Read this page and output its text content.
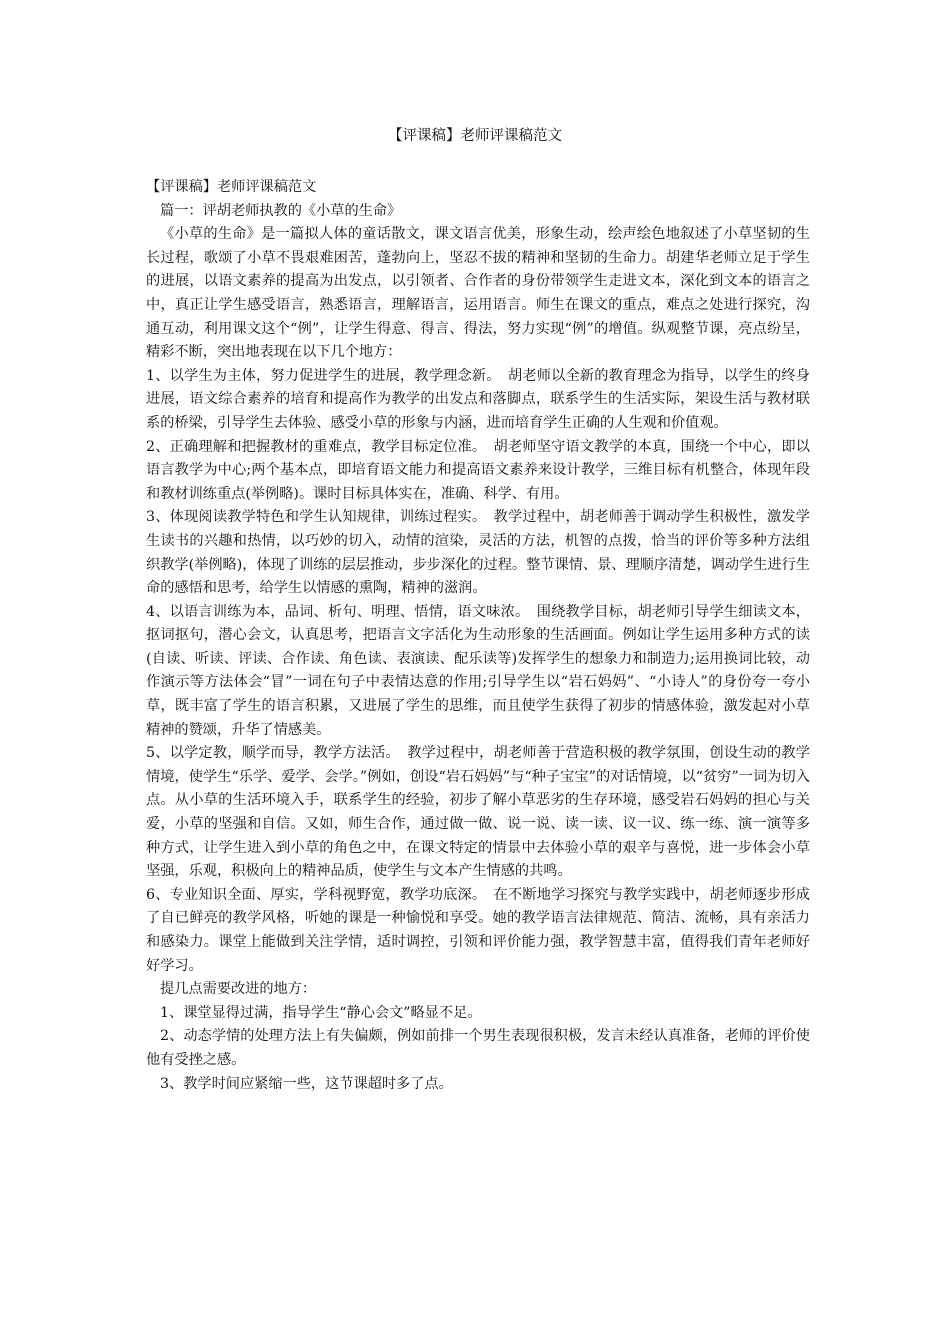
【评课稿】老师评课稿范文

【评课稿】老师评课稿范文

篇一：评胡老师执教的《小草的生命》

《小草的生命》是一篇拟人体的童话散文，课文语言优美，形象生动，绘声绘色地叙述了小草坚韧的生长过程，歌颂了小草不畏艰难困苦，蓬勃向上，坚忍不拔的精神和坚韧的生命力。胡建华老师立足于学生的进展，以语文素养的提高为出发点，以引领者、合作者的身份带领学生走进文本，深化到文本的语言之中，真正让学生感受语言，熟悉语言，理解语言，运用语言。师生在课文的重点，难点之处进行探究，沟通互动，利用课文这个“例”，让学生得意、得言、得法，努力实现“例”的增值。纵观整节课，亮点纷呈，精彩不断，突出地表现在以下几个地方：

1、以学生为主体，努力促进学生的进展，教学理念新。　胡老师以全新的教育理念为指导，以学生的终身进展，语文综合素养的培育和提高作为教学的出发点和落脚点，联系学生的生活实际，架设生活与教材联系的桥梁，引导学生去体验、感受小草的形象与内涵，进而培育学生正确的人生观和价值观。

2、正确理解和把握教材的重难点，教学目标定位准。　胡老师坚守语文教学的本真，围绕一个中心，即以语言教学为中心;两个基本点，即培育语文能力和提高语文素养来设计教学，三维目标有机整合，体现年段和教材训练重点(举例略)。课时目标具体实在，准确、科学、有用。

3、体现阅读教学特色和学生认知规律，训练过程实。　教学过程中，胡老师善于调动学生积极性，激发学生读书的兴趣和热情，以巧妙的切入，动情的渲染，灵活的方法，机智的点拨，恰当的评价等多种方法组织教学(举例略)，体现了训练的层层推动，步步深化的过程。整节课情、景、理顺序清楚，调动学生进行生命的感悟和思考，给学生以情感的熏陶，精神的滋润。

4、以语言训练为本，品词、析句、明理、悟情，语文味浓。　围绕教学目标，胡老师引导学生细读文本，抠词抠句，潜心会文，认真思考，把语言文字活化为生动形象的生活画面。例如让学生运用多种方式的读(自读、听读、评读、合作读、角色读、表演读、配乐读等)发挥学生的想象力和制造力;运用换词比较，动作演示等方法体会“冒”一词在句子中表情达意的作用;引导学生以“岩石妈妈”、“小诗人”的身份夸一夸小草，既丰富了学生的语言积累，又进展了学生的思维，而且使学生获得了初步的情感体验，激发起对小草精神的赞颂，升华了情感美。

5、以学定教，顺学而导，教学方法活。　教学过程中，胡老师善于营造积极的教学氛围，创设生动的教学情境，使学生“乐学、爱学、会学。”例如，创设“岩石妈妈”与“种子宝宝”的对话情境，以“贫穷”一词为切入点。从小草的生活环境入手，联系学生的经验，初步了解小草恶劣的生存环境，感受岩石妈妈的担心与关爱，小草的坚强和自信。又如，师生合作，通过做一做、说一说、读一读、议一议、练一练、演一演等多种方式，让学生进入到小草的角色之中，在课文特定的情景中去体验小草的艰辛与喜悦，进一步体会小草坚强，乐观，积极向上的精神品质，使学生与文本产生情感的共鸣。

6、专业知识全面、厚实，学科视野宽，教学功底深。　在不断地学习探究与教学实践中，胡老师逐步形成了自已鲜亮的教学风格，听她的课是一种愉悦和享受。她的教学语言法律规范、简洁、流畅，具有亲活力和感染力。课堂上能做到关注学情，适时调控，引领和评价能力强，教学智慧丰富，值得我们青年老师好好学习。

提几点需要改进的地方：

1、课堂显得过满，指导学生“静心会文”略显不足。

2、动态学情的处理方法上有失偏颇，例如前排一个男生表现很积极，发言未经认真准备，老师的评价使他有受挫之感。

3、教学时间应紧缩一些，这节课超时多了点。
